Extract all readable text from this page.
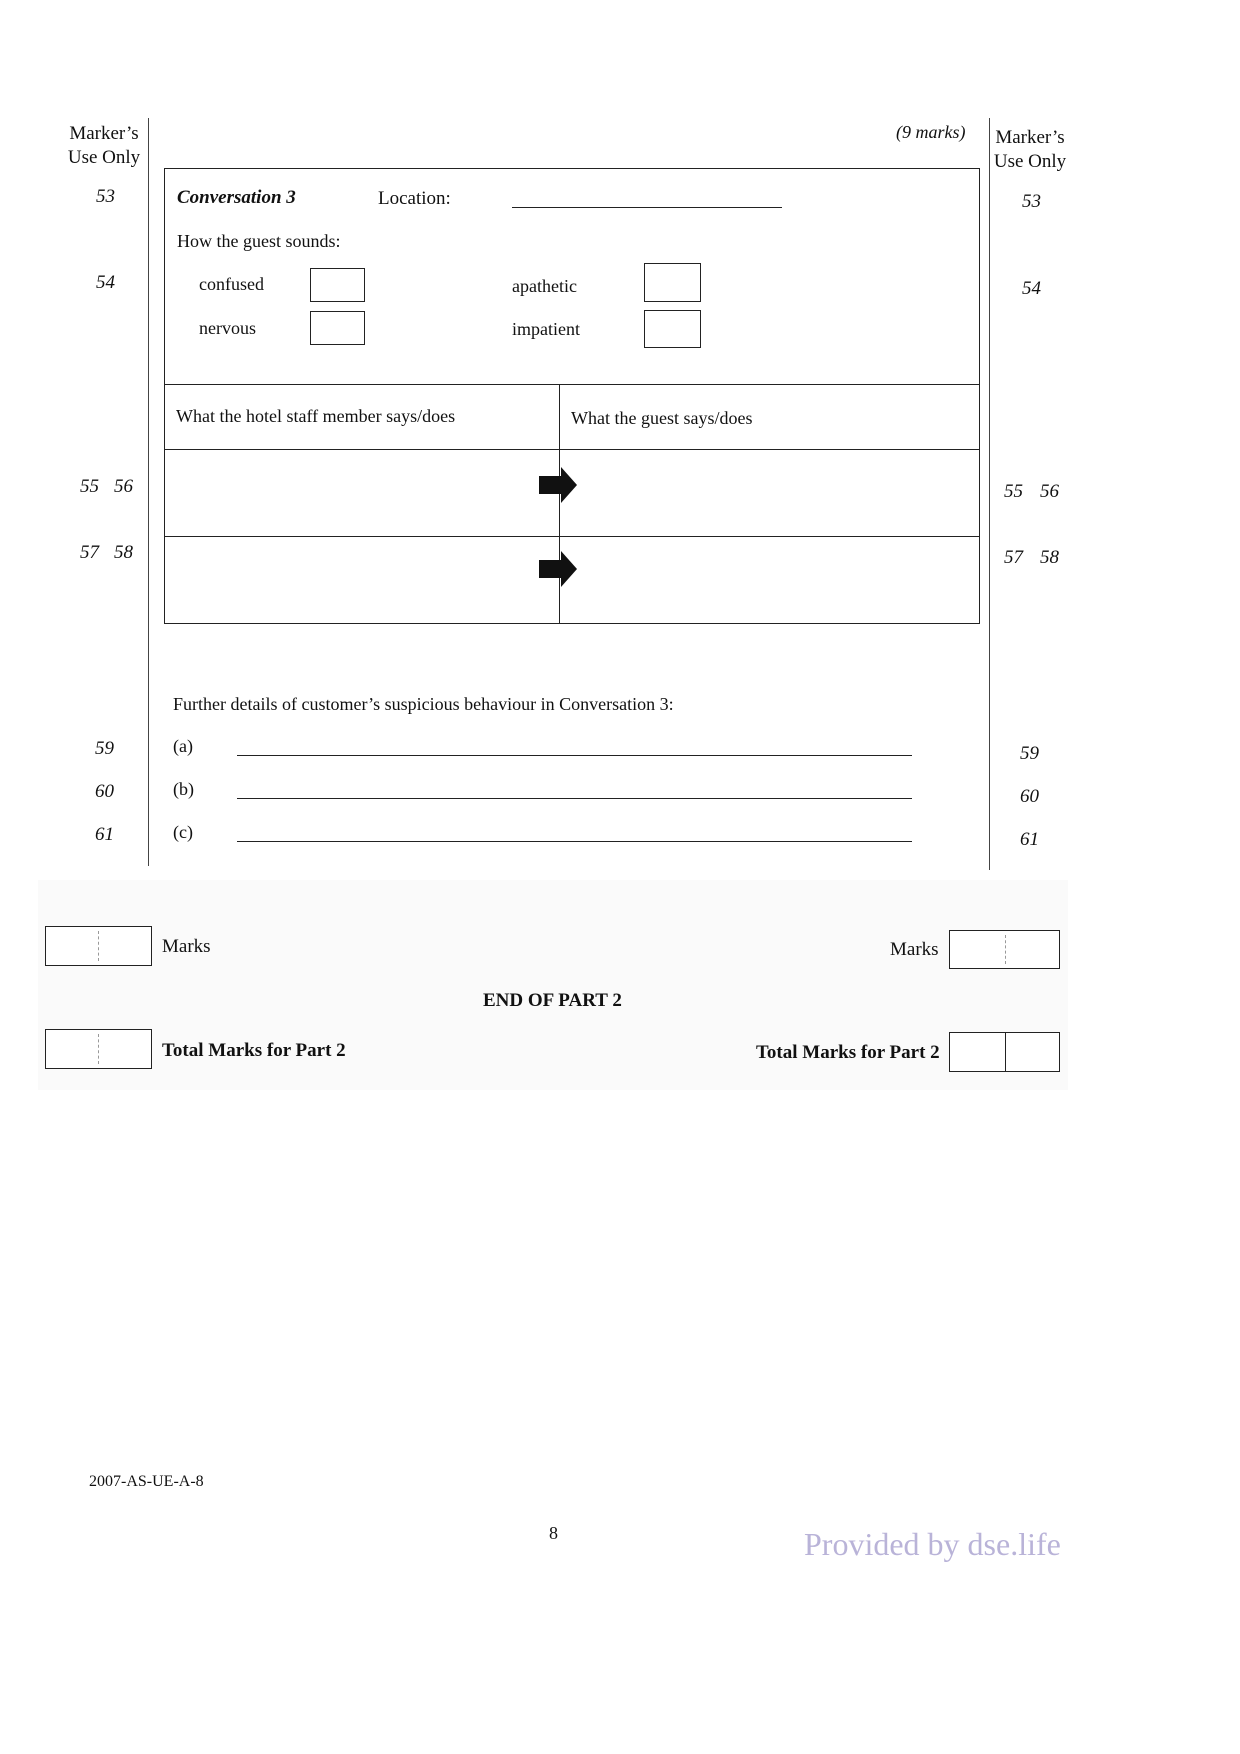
Marker’s
Use Only
Marker’s
Use Only
(9 marks)
53
54
55 56
57 58
59
60
61
53
54
55 56
57 58
59
60
61
Conversation 3	Location:
How the guest sounds:
confused	apathetic
nervous	impatient
What the hotel staff member says/does	What the guest says/does
Further details of customer’s suspicious behaviour in Conversation 3:
(a)
(b)
(c)
Marks	Marks
END OF PART 2
Total Marks for Part 2	Total Marks for Part 2
2007-AS-UE-A-8
8	Provided by dse.life
